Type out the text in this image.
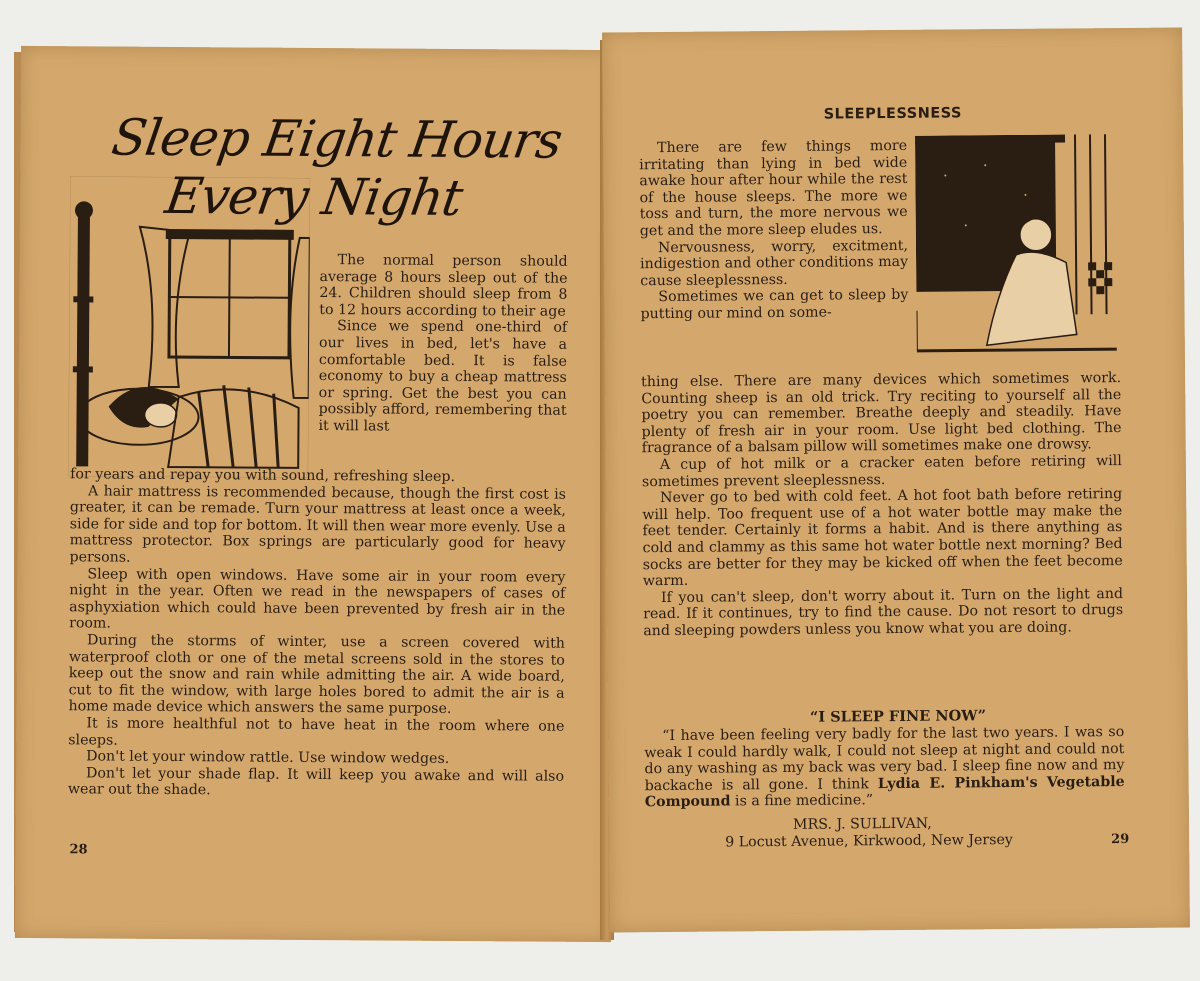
Sleep Eight Hours
Every Night

The normal person should average 8 hours sleep out of the 24. Children should sleep from 8 to 12 hours according to their age

Since we spend one-third of our lives in bed, let's have a comfortable bed. It is false economy to buy a cheap mattress or spring. Get the best you can possibly afford, remembering that it will last

for years and repay you with sound, refreshing sleep.

A hair mattress is recommended because, though the first cost is greater, it can be remade. Turn your mattress at least once a week, side for side and top for bottom. It will then wear more evenly. Use a mattress protector. Box springs are particularly good for heavy persons.

Sleep with open windows. Have some air in your room every night in the year. Often we read in the newspapers of cases of asphyxiation which could have been prevented by fresh air in the room.

During the storms of winter, use a screen covered with waterproof cloth or one of the metal screens sold in the stores to keep out the snow and rain while admitting the air. A wide board, cut to fit the window, with large holes bored to admit the air is a home made device which answers the same purpose.

It is more healthful not to have heat in the room where one sleeps.

Don't let your window rattle. Use window wedges.

Don't let your shade flap. It will keep you awake and will also wear out the shade.

28
SLEEPLESSNESS

There are few things more irritating than lying in bed wide awake hour after hour while the rest of the house sleeps. The more we toss and turn, the more nervous we get and the more sleep eludes us.

Nervousness, worry, excitment, indigestion and other conditions may cause sleeplessness.

Sometimes we can get to sleep by putting our mind on some-

thing else. There are many devices which sometimes work. Counting sheep is an old trick. Try reciting to yourself all the poetry you can remember. Breathe deeply and steadily. Have plenty of fresh air in your room. Use light bed clothing. The fragrance of a balsam pillow will sometimes make one drowsy.

A cup of hot milk or a cracker eaten before retiring will sometimes prevent sleeplessness.

Never go to bed with cold feet. A hot foot bath before retiring will help. Too frequent use of a hot water bottle may make the feet tender. Certainly it forms a habit. And is there anything as cold and clammy as this same hot water bottle next morning? Bed socks are better for they may be kicked off when the feet become warm.

If you can't sleep, don't worry about it. Turn on the light and read. If it continues, try to find the cause. Do not resort to drugs and sleeping powders unless you know what you are doing.

“I SLEEP FINE NOW”

“I have been feeling very badly for the last two years. I was so weak I could hardly walk, I could not sleep at night and could not do any washing as my back was very bad. I sleep fine now and my backache is all gone. I think Lydia E. Pinkham's Vegetable Compound is a fine medicine.”

MRS. J. SULLIVAN,
9 Locust Avenue, Kirkwood, New Jersey	29
